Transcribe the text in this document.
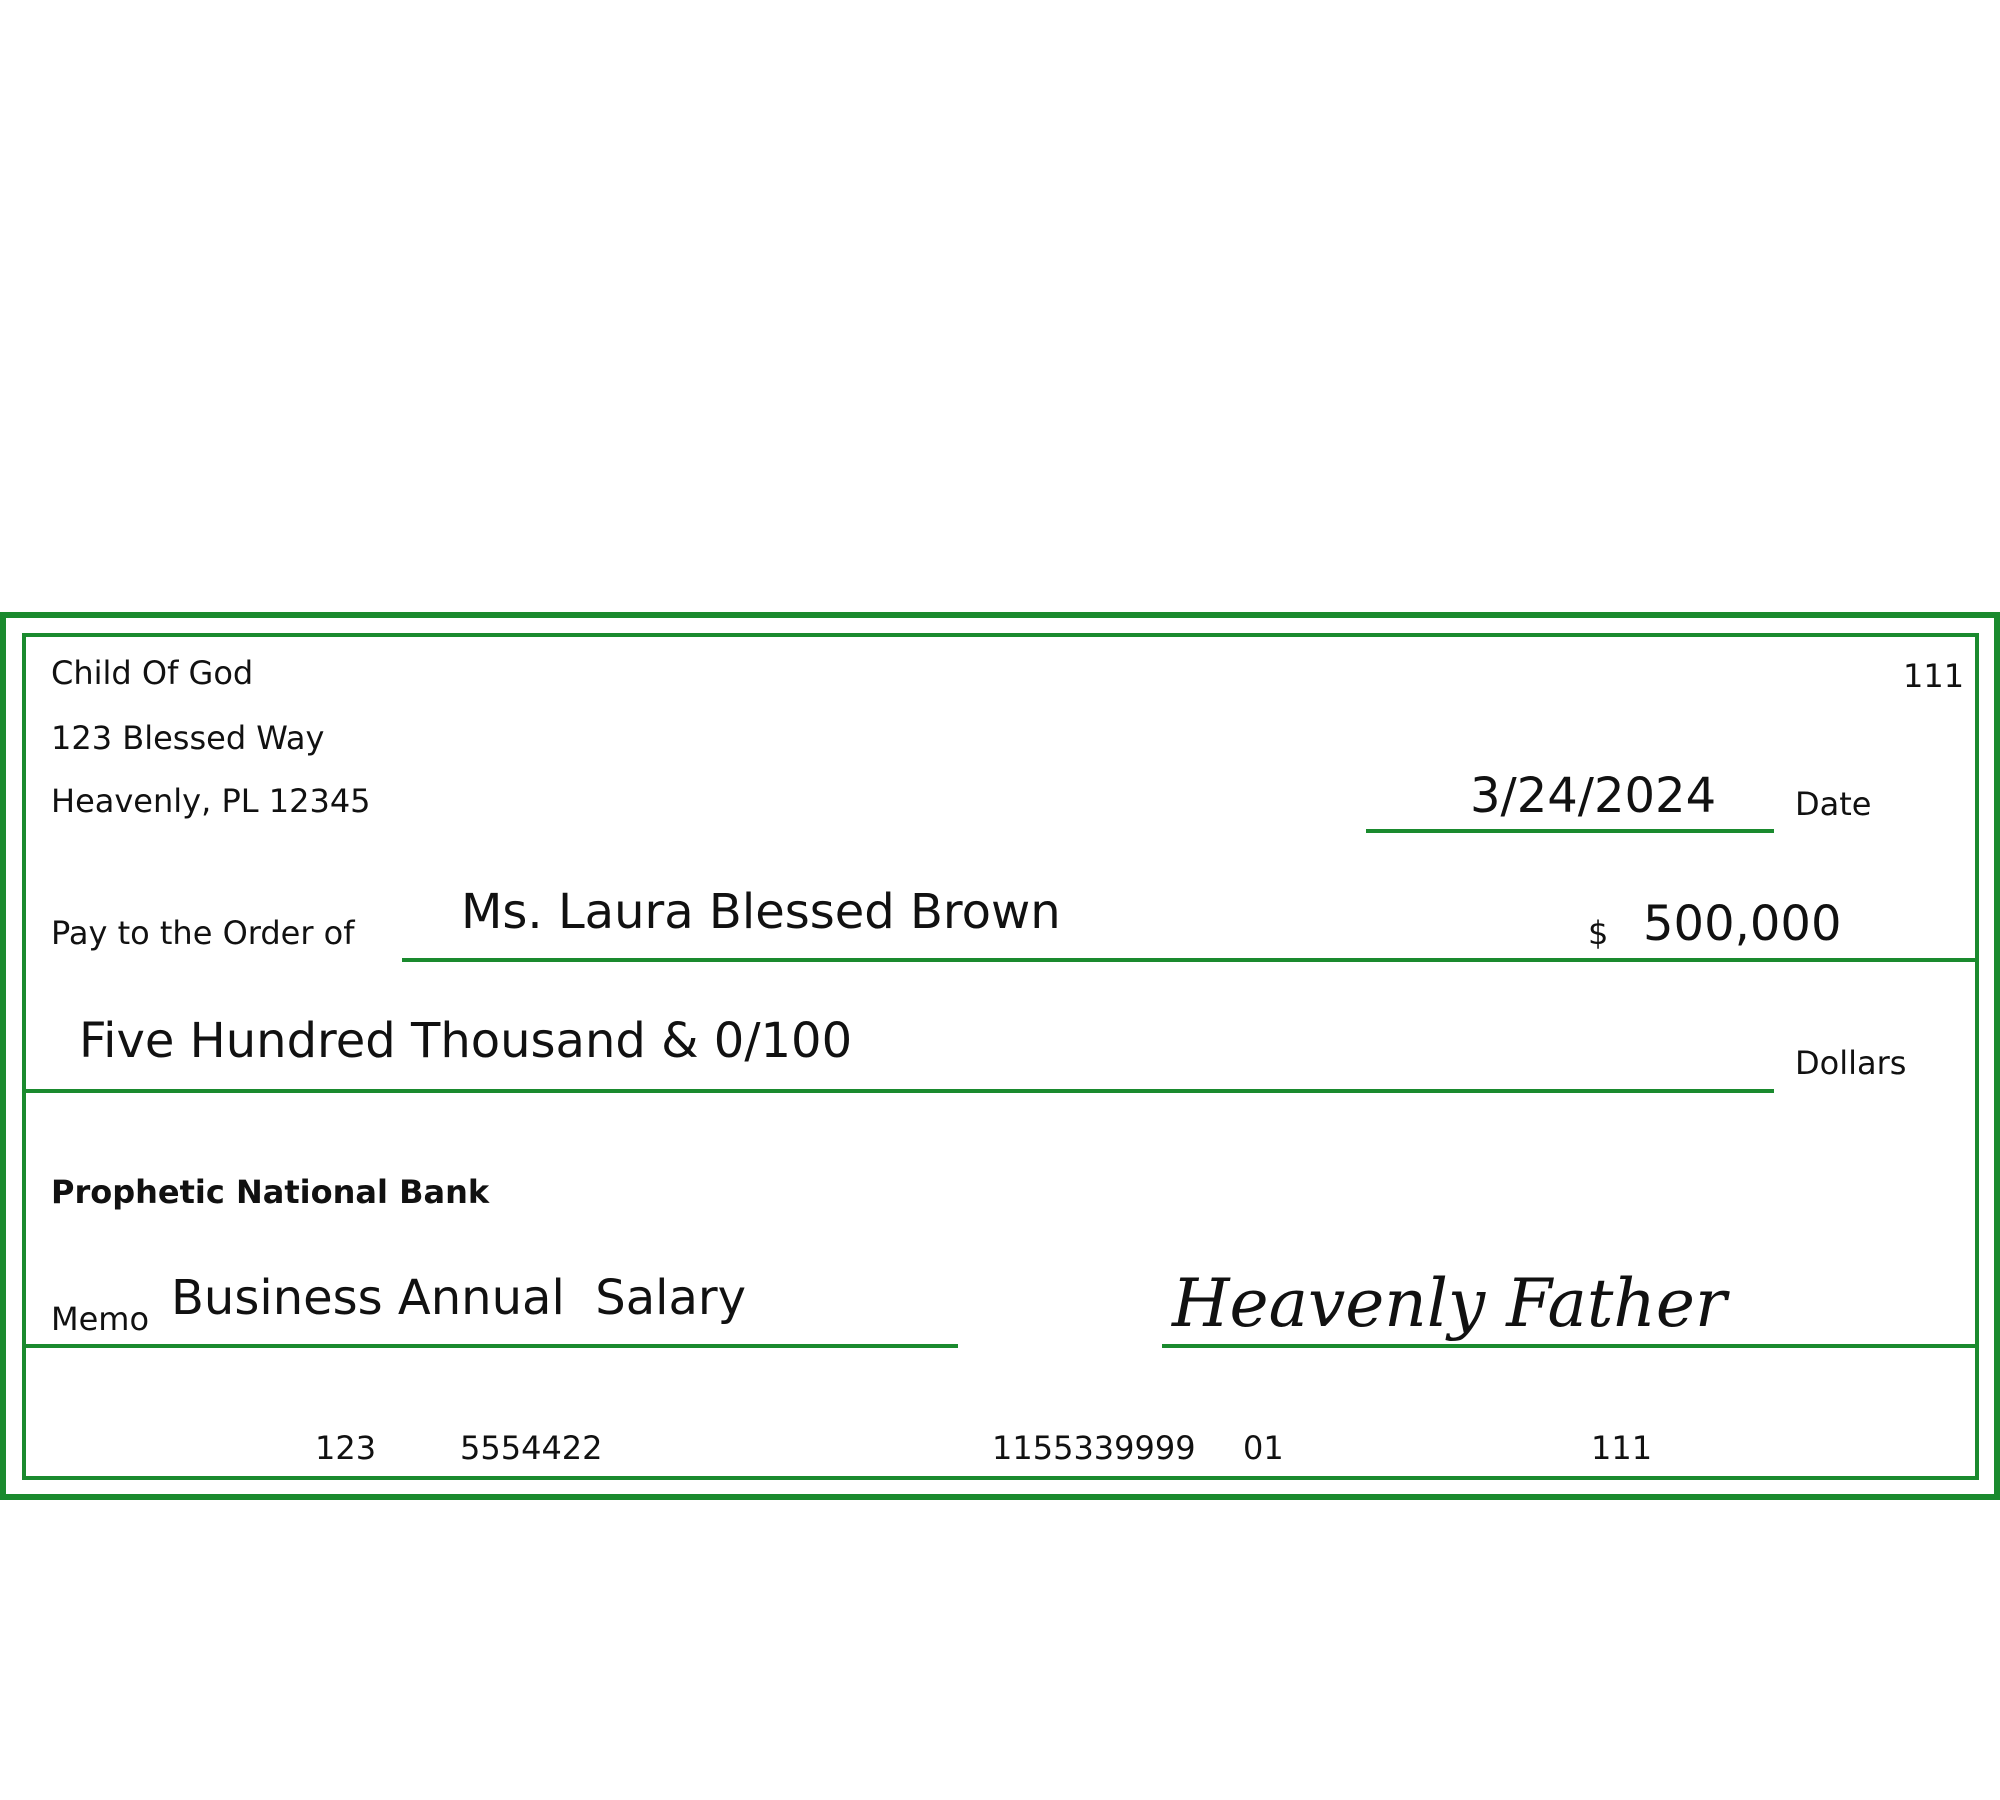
Child Of God
123 Blessed Way
Heavenly, PL 12345
111
3/24/2024 Date
Pay to the Order of Ms. Laura Blessed Brown	$ 500,000
Five Hundred Thousand & 0/100	Dollars
Prophetic National Bank
Memo Business Annual  Salary	Heavenly Father
123	5554422	1155339999 01	111
